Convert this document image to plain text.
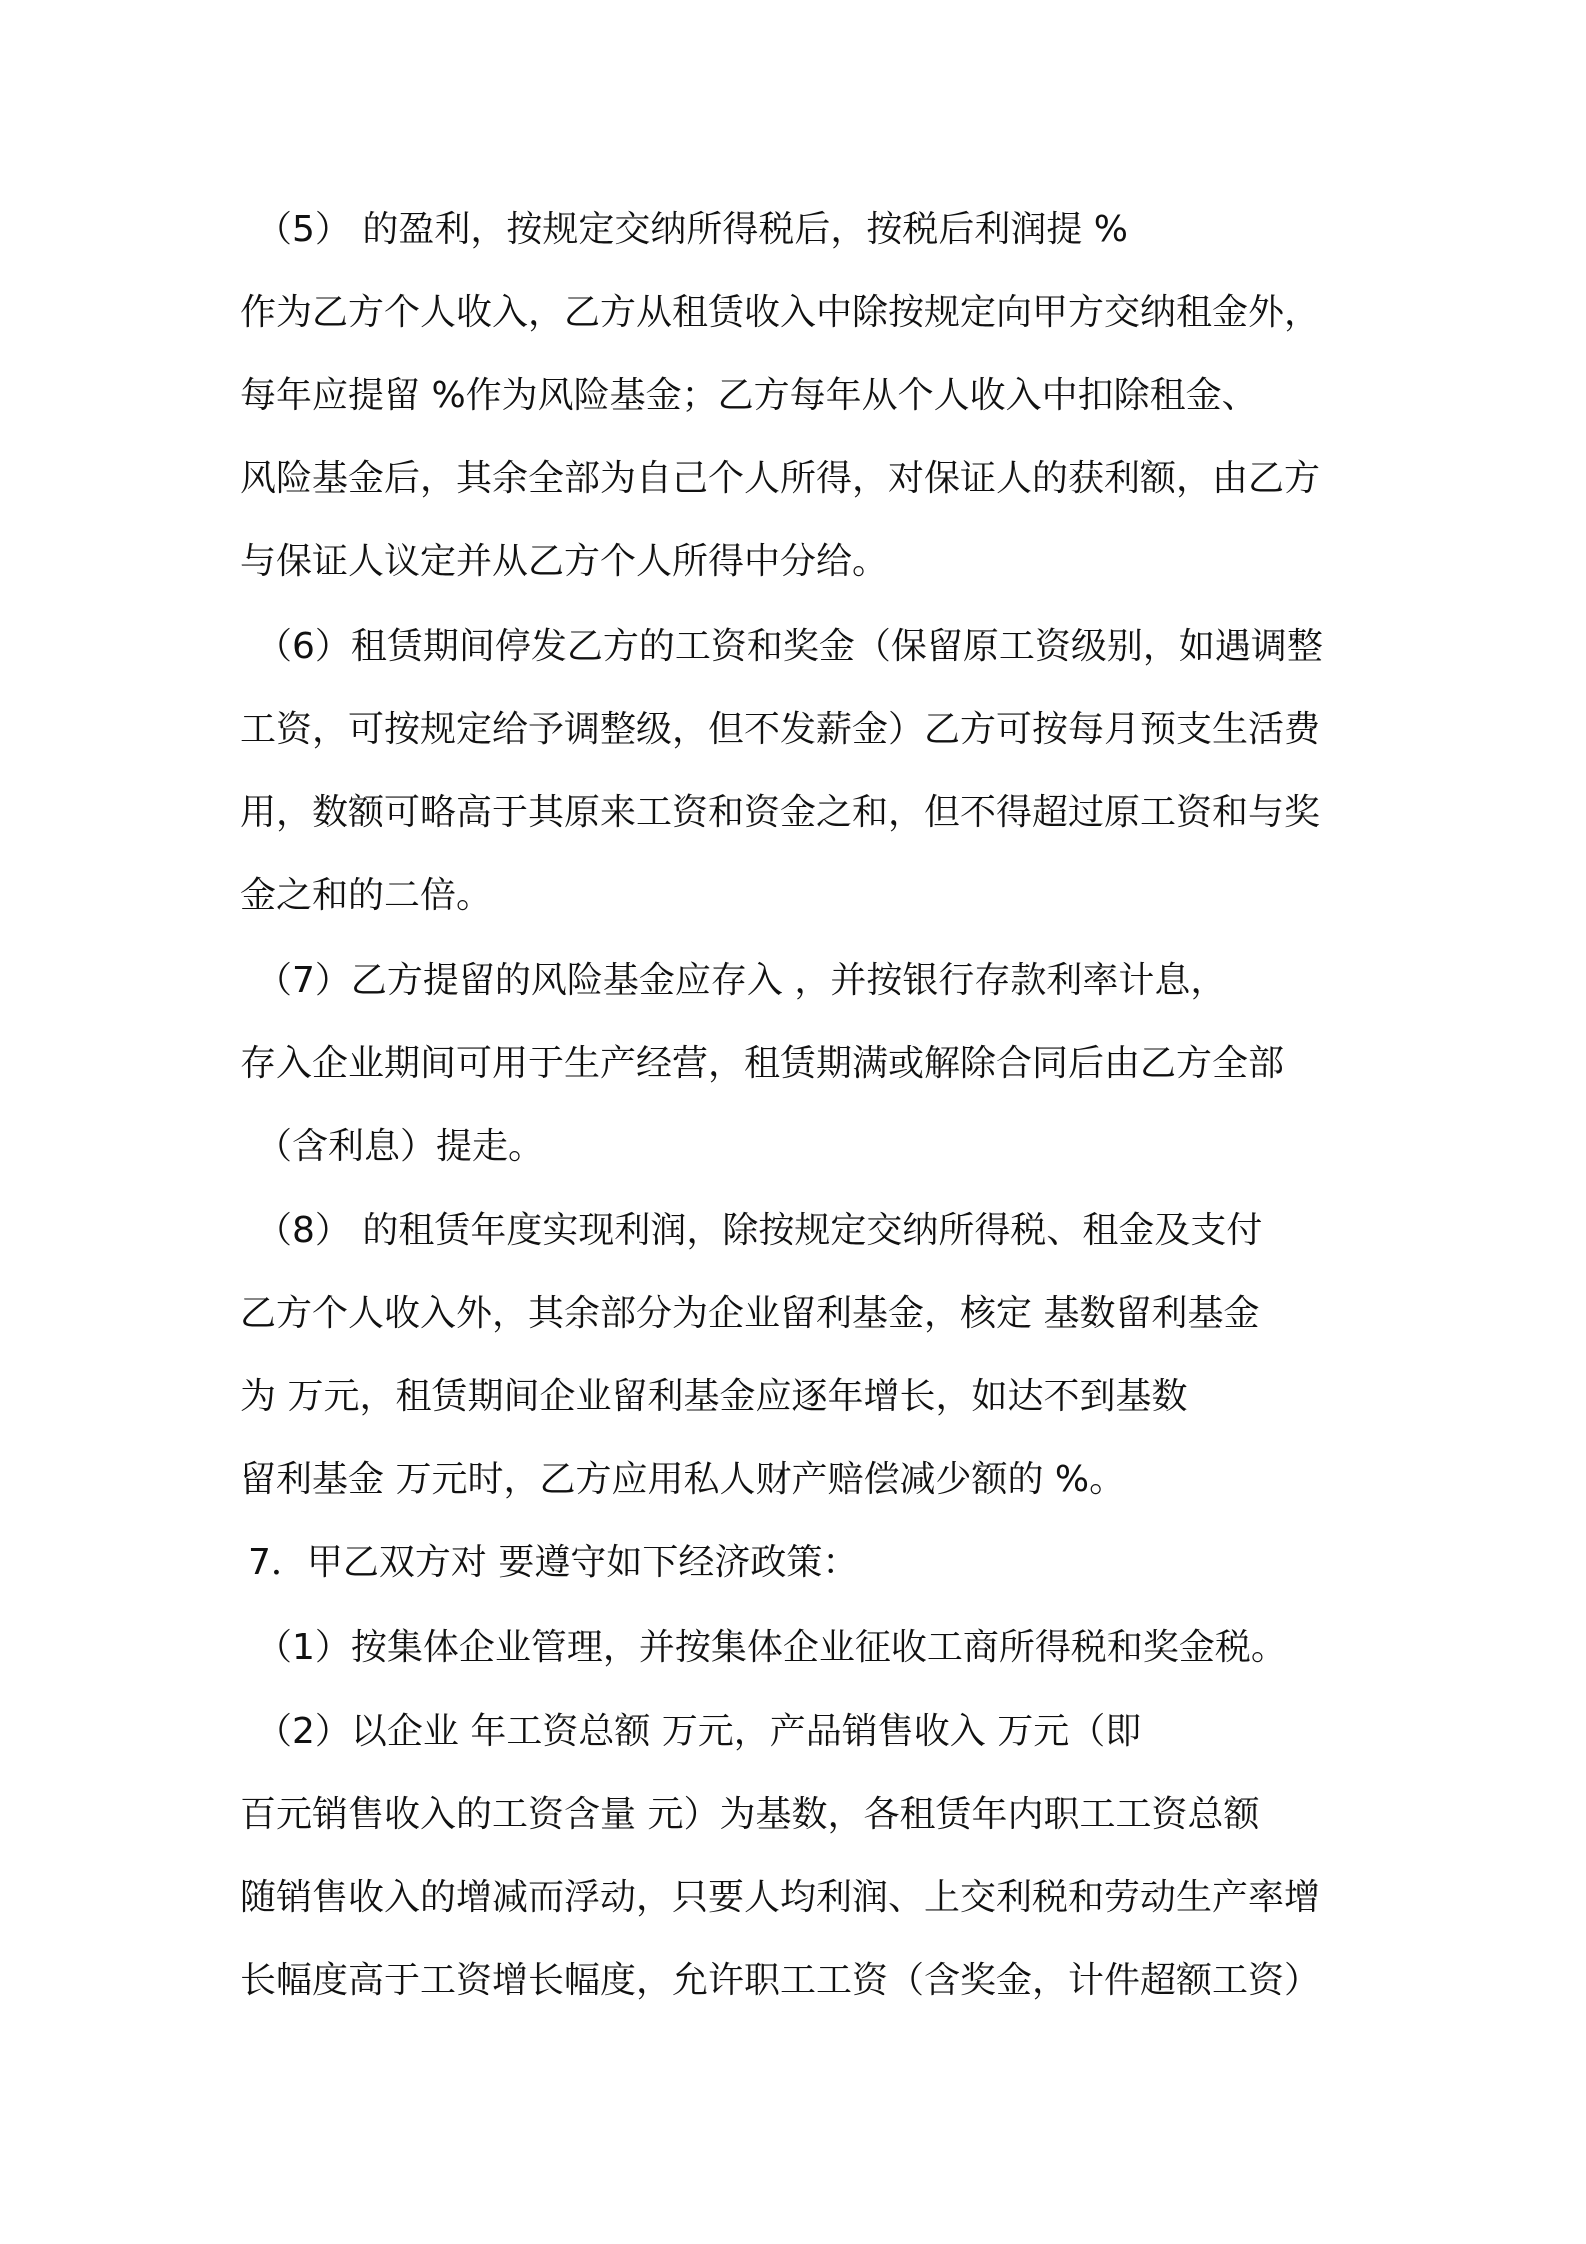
（5） 的盈利，按规定交纳所得税后，按税后利润提 %
作为乙方个人收入，乙方从租赁收入中除按规定向甲方交纳租金外，
每年应提留 %作为风险基金；乙方每年从个人收入中扣除租金、
风险基金后，其余全部为自己个人所得，对保证人的获利额，由乙方
与保证人议定并从乙方个人所得中分给。
（6）租赁期间停发乙方的工资和奖金（保留原工资级别，如遇调整
工资，可按规定给予调整级，但不发薪金）乙方可按每月预支生活费
用，数额可略高于其原来工资和资金之和，但不得超过原工资和与奖
金之和的二倍。
（7）乙方提留的风险基金应存入 ，并按银行存款利率计息，
存入企业期间可用于生产经营，租赁期满或解除合同后由乙方全部
（含利息）提走。
（8） 的租赁年度实现利润，除按规定交纳所得税、租金及支付
乙方个人收入外，其余部分为企业留利基金，核定 基数留利基金
为 万元，租赁期间企业留利基金应逐年增长，如达不到基数
留利基金 万元时，乙方应用私人财产赔偿减少额的 %。
7．甲乙双方对 要遵守如下经济政策：
（1）按集体企业管理，并按集体企业征收工商所得税和奖金税。
（2）以企业 年工资总额 万元，产品销售收入 万元（即
百元销售收入的工资含量 元）为基数，各租赁年内职工工资总额
随销售收入的增减而浮动，只要人均利润、上交利税和劳动生产率增
长幅度高于工资增长幅度，允许职工工资（含奖金，计件超额工资）
